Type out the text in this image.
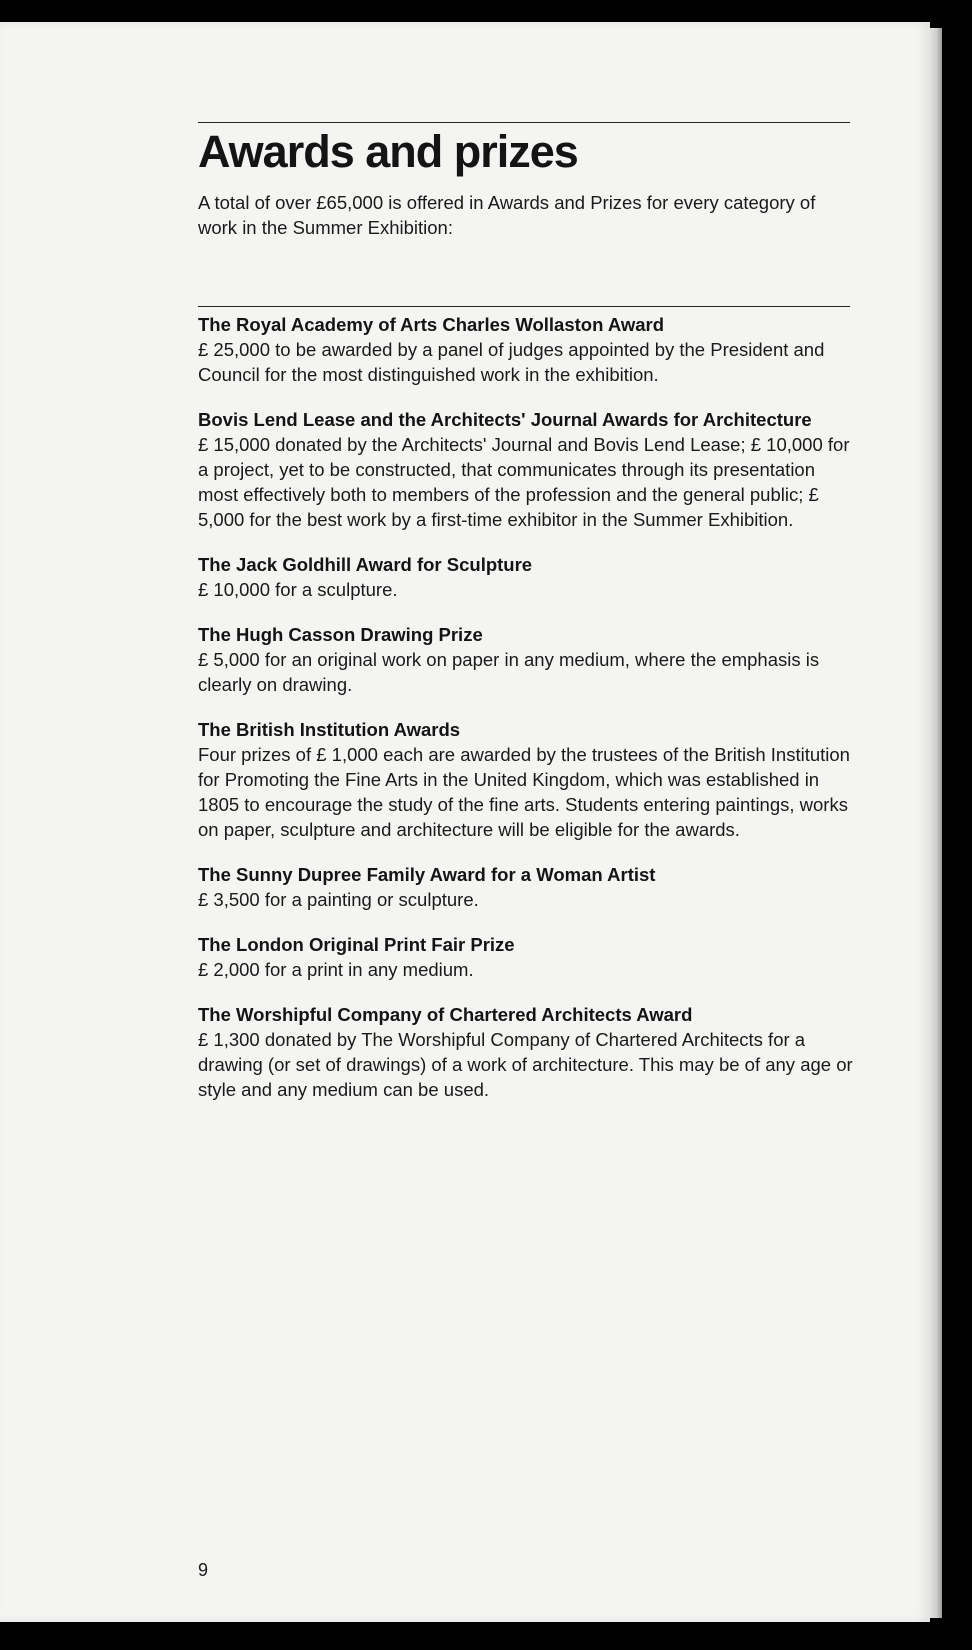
Awards and prizes

A total of over £65,000 is offered in Awards and Prizes for every category of work in the Summer Exhibition:

The Royal Academy of Arts Charles Wollaston Award

£ 25,000 to be awarded by a panel of judges appointed by the President and Council for the most distinguished work in the exhibition.

Bovis Lend Lease and the Architects' Journal Awards for Architecture

£ 15,000 donated by the Architects' Journal and Bovis Lend Lease; £ 10,000 for a project, yet to be constructed, that communicates through its presentation most effectively both to members of the profession and the general public; £ 5,000 for the best work by a first-time exhibitor in the Summer Exhibition.

The Jack Goldhill Award for Sculpture

£ 10,000 for a sculpture.

The Hugh Casson Drawing Prize

£ 5,000 for an original work on paper in any medium, where the emphasis is clearly on drawing.

The British Institution Awards

Four prizes of £ 1,000 each are awarded by the trustees of the British Institution for Promoting the Fine Arts in the United Kingdom, which was established in 1805 to encourage the study of the fine arts. Students entering paintings, works on paper, sculpture and architecture will be eligible for the awards.

The Sunny Dupree Family Award for a Woman Artist

£ 3,500 for a painting or sculpture.

The London Original Print Fair Prize

£ 2,000 for a print in any medium.

The Worshipful Company of Chartered Architects Award

£ 1,300 donated by The Worshipful Company of Chartered Architects for a drawing (or set of drawings) of a work of architecture. This may be of any age or style and any medium can be used.

9
